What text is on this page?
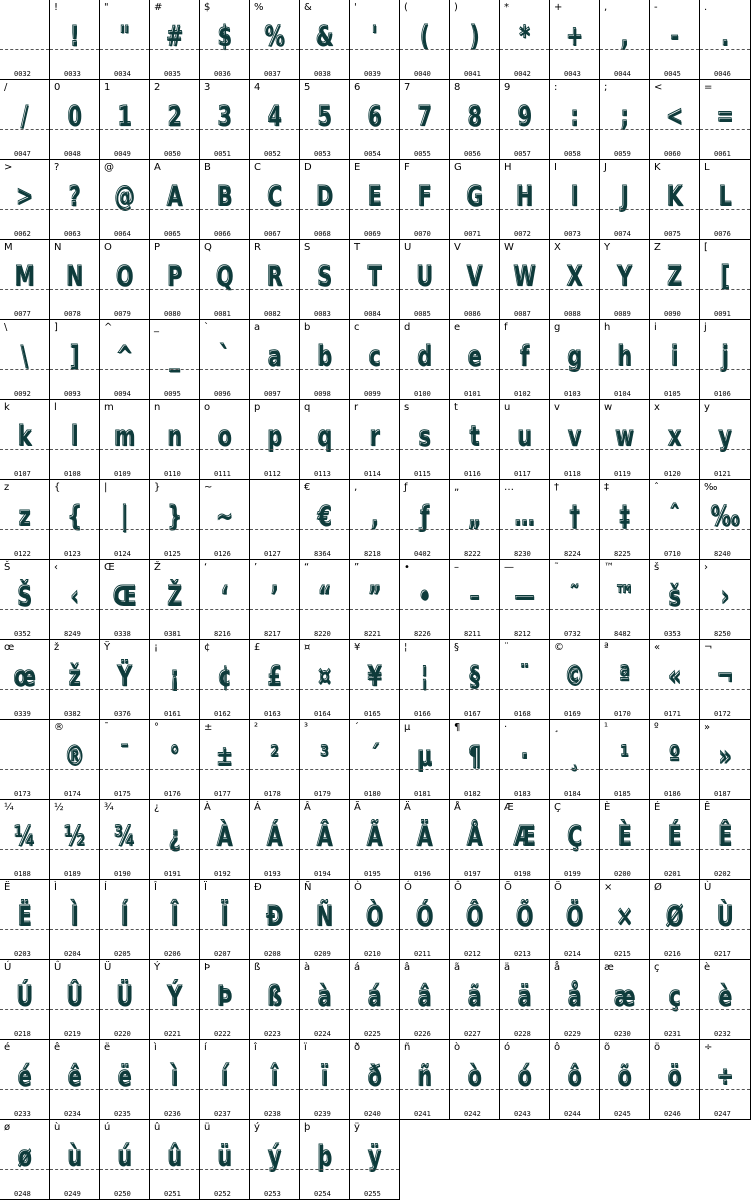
0032
!
!
0033
"
"
0034
#
#
0035
$
$
0036
%
%
0037
&
&
0038
'
'
0039
(
(
0040
)
)
0041
*
*
0042
+
+
0043
,
,
0044
-
-
0045
.
.
0046
/
/
0047
0
0
0048
1
1
0049
2
2
0050
3
3
0051
4
4
0052
5
5
0053
6
6
0054
7
7
0055
8
8
0056
9
9
0057
:
:
0058
;
;
0059
<
<
0060
=
=
0061
>
>
0062
?
?
0063
@
@
0064
A
A
0065
B
B
0066
C
C
0067
D
D
0068
E
E
0069
F
F
0070
G
G
0071
H
H
0072
I
I
0073
J
J
0074
K
K
0075
L
L
0076
M
M
0077
N
N
0078
O
O
0079
P
P
0080
Q
Q
0081
R
R
0082
S
S
0083
T
T
0084
U
U
0085
V
V
0086
W
W
0087
X
X
0088
Y
Y
0089
Z
Z
0090
[
[
0091
\
\
0092
]
]
0093
^
^
0094
_
_
0095
`
`
0096
a
a
0097
b
b
0098
c
c
0099
d
d
0100
e
e
0101
f
f
0102
g
g
0103
h
h
0104
i
i
0105
j
j
0106
k
k
0107
l
l
0108
m
m
0109
n
n
0110
o
o
0111
p
p
0112
q
q
0113
r
r
0114
s
s
0115
t
t
0116
u
u
0117
v
v
0118
w
w
0119
x
x
0120
y
y
0121
z
z
0122
{
{
0123
|
|
0124
}
}
0125
~
~
0126	0127
€
€
8364
‚
‚
8218
ƒ
ƒ
0402
„
„
8222
…
…
8230
†
†
8224
‡
‡
8225
ˆ
ˆ
0710
‰
‰
8240
Š
Š
0352
‹
‹
8249
Œ
Œ
0338
Ž
Ž
0381
‘
‘
8216
’
’
8217
“
“
8220
”
”
8221
•
•
8226
–
–
8211
—
—
8212
˜
˜
0732
™
™
8482
š
š
0353
›
›
8250
œ
œ
0339
ž
ž
0382
Ÿ
Ÿ
0376
¡
¡
0161
¢
¢
0162
£
£
0163
¤
¤
0164
¥
¥
0165
¦
¦
0166
§
§
0167
¨
¨
0168
©
©
0169
ª
ª
0170
«
«
0171
¬
¬
0172
0173
®
®
0174
¯
¯
0175
°
°
0176
±
±
0177
²
²
0178
³
³
0179
´
´
0180
µ
µ
0181
¶
¶
0182
·
·
0183
¸
¸
0184
¹
¹
0185
º
º
0186
»
»
0187
¼
¼
0188
½
½
0189
¾
¾
0190
¿
¿
0191
À
À
0192
Á
Á
0193
Â
Â
0194
Ã
Ã
0195
Ä
Ä
0196
Å
Å
0197
Æ
Æ
0198
Ç
Ç
0199
È
È
0200
É
É
0201
Ê
Ê
0202
Ë
Ë
0203
Ì
Ì
0204
Í
Í
0205
Î
Î
0206
Ï
Ï
0207
Ð
Ð
0208
Ñ
Ñ
0209
Ò
Ò
0210
Ó
Ó
0211
Ô
Ô
0212
Õ
Õ
0213
Ö
Ö
0214
×
×
0215
Ø
Ø
0216
Ù
Ù
0217
Ú
Ú
0218
Û
Û
0219
Ü
Ü
0220
Ý
Ý
0221
Þ
Þ
0222
ß
ß
0223
à
à
0224
á
á
0225
â
â
0226
ã
ã
0227
ä
ä
0228
å
å
0229
æ
æ
0230
ç
ç
0231
è
è
0232
é
é
0233
ê
ê
0234
ë
ë
0235
ì
ì
0236
í
í
0237
î
î
0238
ï
ï
0239
ð
ð
0240
ñ
ñ
0241
ò
ò
0242
ó
ó
0243
ô
ô
0244
õ
õ
0245
ö
ö
0246
÷
÷
0247
ø
ø
0248
ù
ù
0249
ú
ú
0250
û
û
0251
ü
ü
0252
ý
ý
0253
þ
þ
0254
ÿ
ÿ
0255
